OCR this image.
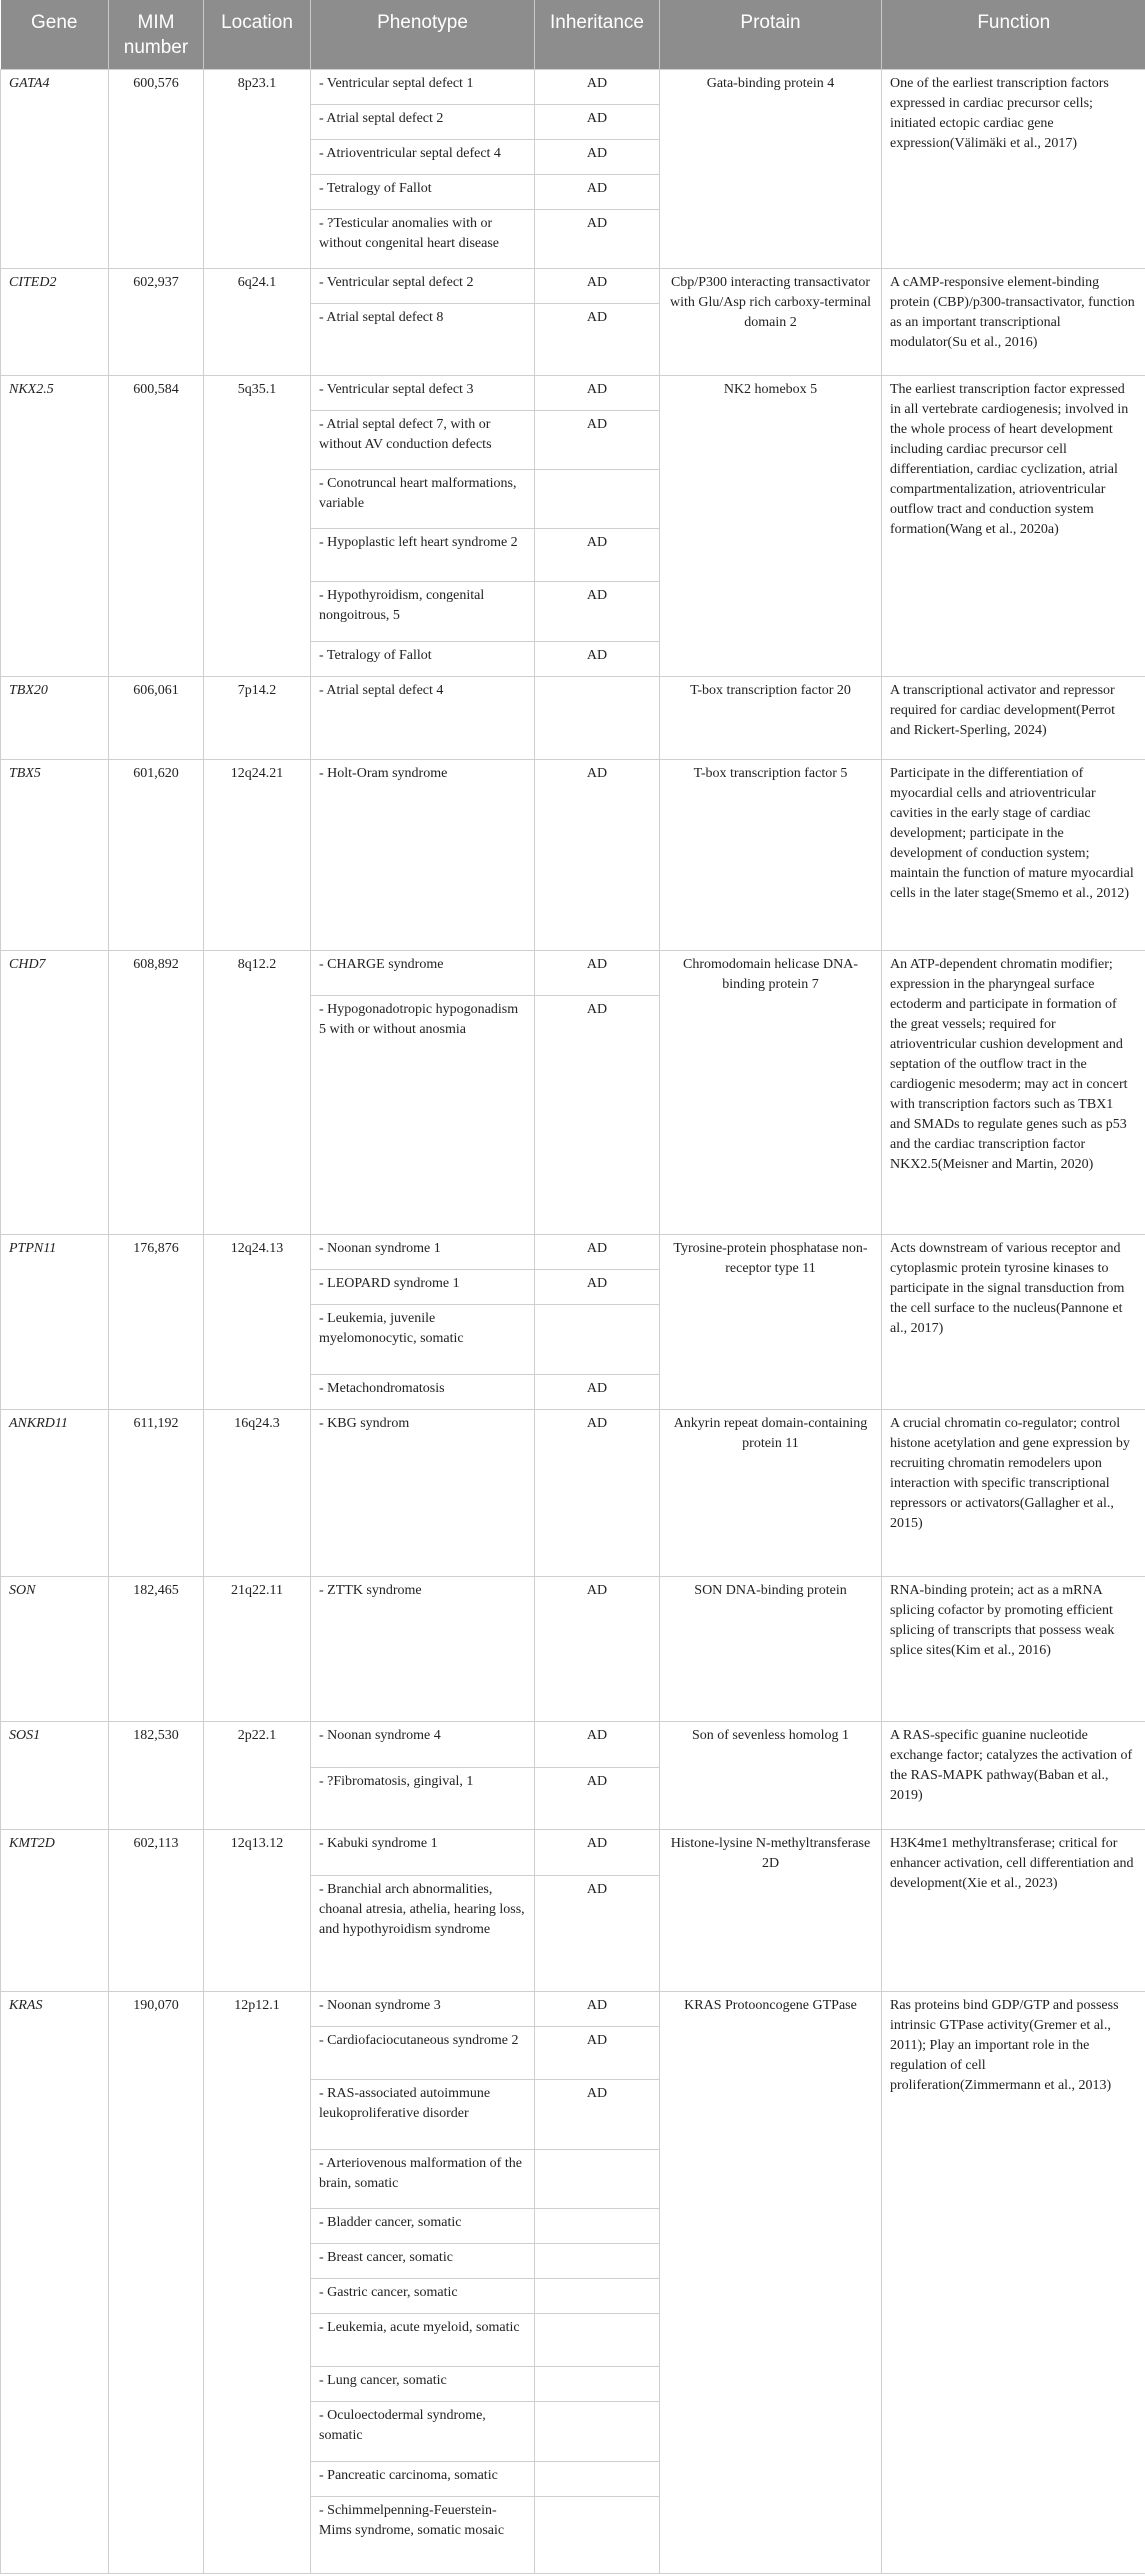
Gene	MIM number	Location	Phenotype	Inheritance	Protain	Function
GATA4	600,576	8p23.1	- Ventricular septal defect 1	AD	Gata-binding protein 4	One of the earliest transcription factors expressed in cardiac precursor cells; initiated ectopic cardiac gene expression(Välimäki et al., 2017)
			- Atrial septal defect 2	AD		
			- Atrioventricular septal defect 4	AD		
			- Tetralogy of Fallot	AD		
			- ?Testicular anomalies with or without congenital heart disease	AD		
CITED2	602,937	6q24.1	- Ventricular septal defect 2	AD	Cbp/P300 interacting transactivator with Glu/Asp rich carboxy-terminal domain 2	A cAMP-responsive element-binding protein (CBP)/p300-transactivator, function as an important transcriptional modulator(Su et al., 2016)
			- Atrial septal defect 8	AD		
NKX2.5	600,584	5q35.1	- Ventricular septal defect 3	AD	NK2 homebox 5	The earliest transcription factor expressed in all vertebrate cardiogenesis; involved in the whole process of heart development including cardiac precursor cell differentiation, cardiac cyclization, atrial compartmentalization, atrioventricular outflow tract and conduction system formation(Wang et al., 2020a)
			- Atrial septal defect 7, with or without AV conduction defects	AD		
			- Conotruncal heart malformations, variable			
			- Hypoplastic left heart syndrome 2	AD		
			- Hypothyroidism, congenital nongoitrous, 5	AD		
			- Tetralogy of Fallot	AD		
TBX20	606,061	7p14.2	- Atrial septal defect 4		T-box transcription factor 20	A transcriptional activator and repressor required for cardiac development(Perrot and Rickert-Sperling, 2024)
TBX5	601,620	12q24.21	- Holt-Oram syndrome	AD	T-box transcription factor 5	Participate in the differentiation of myocardial cells and atrioventricular cavities in the early stage of cardiac development; participate in the development of conduction system; maintain the function of mature myocardial cells in the later stage(Smemo et al., 2012)
CHD7	608,892	8q12.2	- CHARGE syndrome	AD	Chromodomain helicase DNA-binding protein 7	An ATP-dependent chromatin modifier; expression in the pharyngeal surface ectoderm and participate in formation of the great vessels; required for atrioventricular cushion development and septation of the outflow tract in the cardiogenic mesoderm; may act in concert with transcription factors such as TBX1 and SMADs to regulate genes such as p53 and the cardiac transcription factor NKX2.5(Meisner and Martin, 2020)
			- Hypogonadotropic hypogonadism 5 with or without anosmia	AD		
PTPN11	176,876	12q24.13	- Noonan syndrome 1	AD	Tyrosine-protein phosphatase non-receptor type 11	Acts downstream of various receptor and cytoplasmic protein tyrosine kinases to participate in the signal transduction from the cell surface to the nucleus(Pannone et al., 2017)
			- LEOPARD syndrome 1	AD		
			- Leukemia, juvenile myelomonocytic, somatic			
			- Metachondromatosis	AD		
ANKRD11	611,192	16q24.3	- KBG syndrom	AD	Ankyrin repeat domain-containing protein 11	A crucial chromatin co-regulator; control histone acetylation and gene expression by recruiting chromatin remodelers upon interaction with specific transcriptional repressors or activators(Gallagher et al., 2015)
SON	182,465	21q22.11	- ZTTK syndrome	AD	SON DNA-binding protein	RNA-binding protein; act as a mRNA splicing cofactor by promoting efficient splicing of transcripts that possess weak splice sites(Kim et al., 2016)
SOS1	182,530	2p22.1	- Noonan syndrome 4	AD	Son of sevenless homolog 1	A RAS-specific guanine nucleotide exchange factor; catalyzes the activation of the RAS-MAPK pathway(Baban et al., 2019)
			- ?Fibromatosis, gingival, 1	AD		
KMT2D	602,113	12q13.12	- Kabuki syndrome 1	AD	Histone-lysine N-methyltransferase 2D	H3K4me1 methyltransferase; critical for enhancer activation, cell differentiation and development(Xie et al., 2023)
			- Branchial arch abnormalities, choanal atresia, athelia, hearing loss, and hypothyroidism syndrome	AD		
KRAS	190,070	12p12.1	- Noonan syndrome 3	AD	KRAS Protooncogene GTPase	Ras proteins bind GDP/GTP and possess intrinsic GTPase activity(Gremer et al., 2011); Play an important role in the regulation of cell proliferation(Zimmermann et al., 2013)
			- Cardiofaciocutaneous syndrome 2	AD		
			- RAS-associated autoimmune leukoproliferative disorder	AD		
			- Arteriovenous malformation of the brain, somatic			
			- Bladder cancer, somatic			
			- Breast cancer, somatic			
			- Gastric cancer, somatic			
			- Leukemia, acute myeloid, somatic			
			- Lung cancer, somatic			
			- Oculoectodermal syndrome, somatic			
			- Pancreatic carcinoma, somatic			
			- Schimmelpenning-Feuerstein-Mims syndrome, somatic mosaic			
